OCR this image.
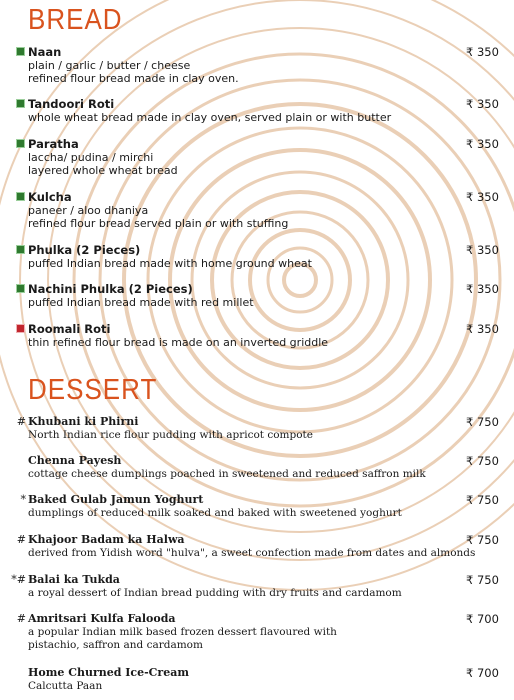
BREAD
Naan	₹ 350
plain / garlic / butter / cheese
refined flour bread made in clay oven.
Tandoori Roti	₹ 350
whole wheat bread made in clay oven, served plain or with butter
Paratha	₹ 350
laccha/ pudina / mirchi
layered whole wheat bread
Kulcha	₹ 350
paneer / aloo dhaniya
refined flour bread served plain or with stuffing
Phulka (2 Pieces)	₹ 350
puffed Indian bread made with home ground wheat
Nachini Phulka (2 Pieces)	₹ 350
puffed Indian bread made with red millet
Roomali Roti	₹ 350
thin refined flour bread is made on an inverted griddle
DESSERT
# Khubani ki Phirni	₹ 750
North Indian rice flour pudding with apricot compote
Chenna Payesh	₹ 750
cottage cheese dumplings poached in sweetened and reduced saffron milk
* Baked Gulab Jamun Yoghurt	₹ 750
dumplings of reduced milk soaked and baked with sweetened yoghurt
# Khajoor Badam ka Halwa	₹ 750
derived from Yidish word "hulva", a sweet confection made from dates and almonds
*# Balai ka Tukda	₹ 750
a royal dessert of Indian bread pudding with dry fruits and cardamom
# Amritsari Kulfa Falooda	₹ 700
a popular Indian milk based frozen dessert flavoured with
pistachio, saffron and cardamom
Home Churned Ice-Cream	₹ 700
Calcutta Paan
